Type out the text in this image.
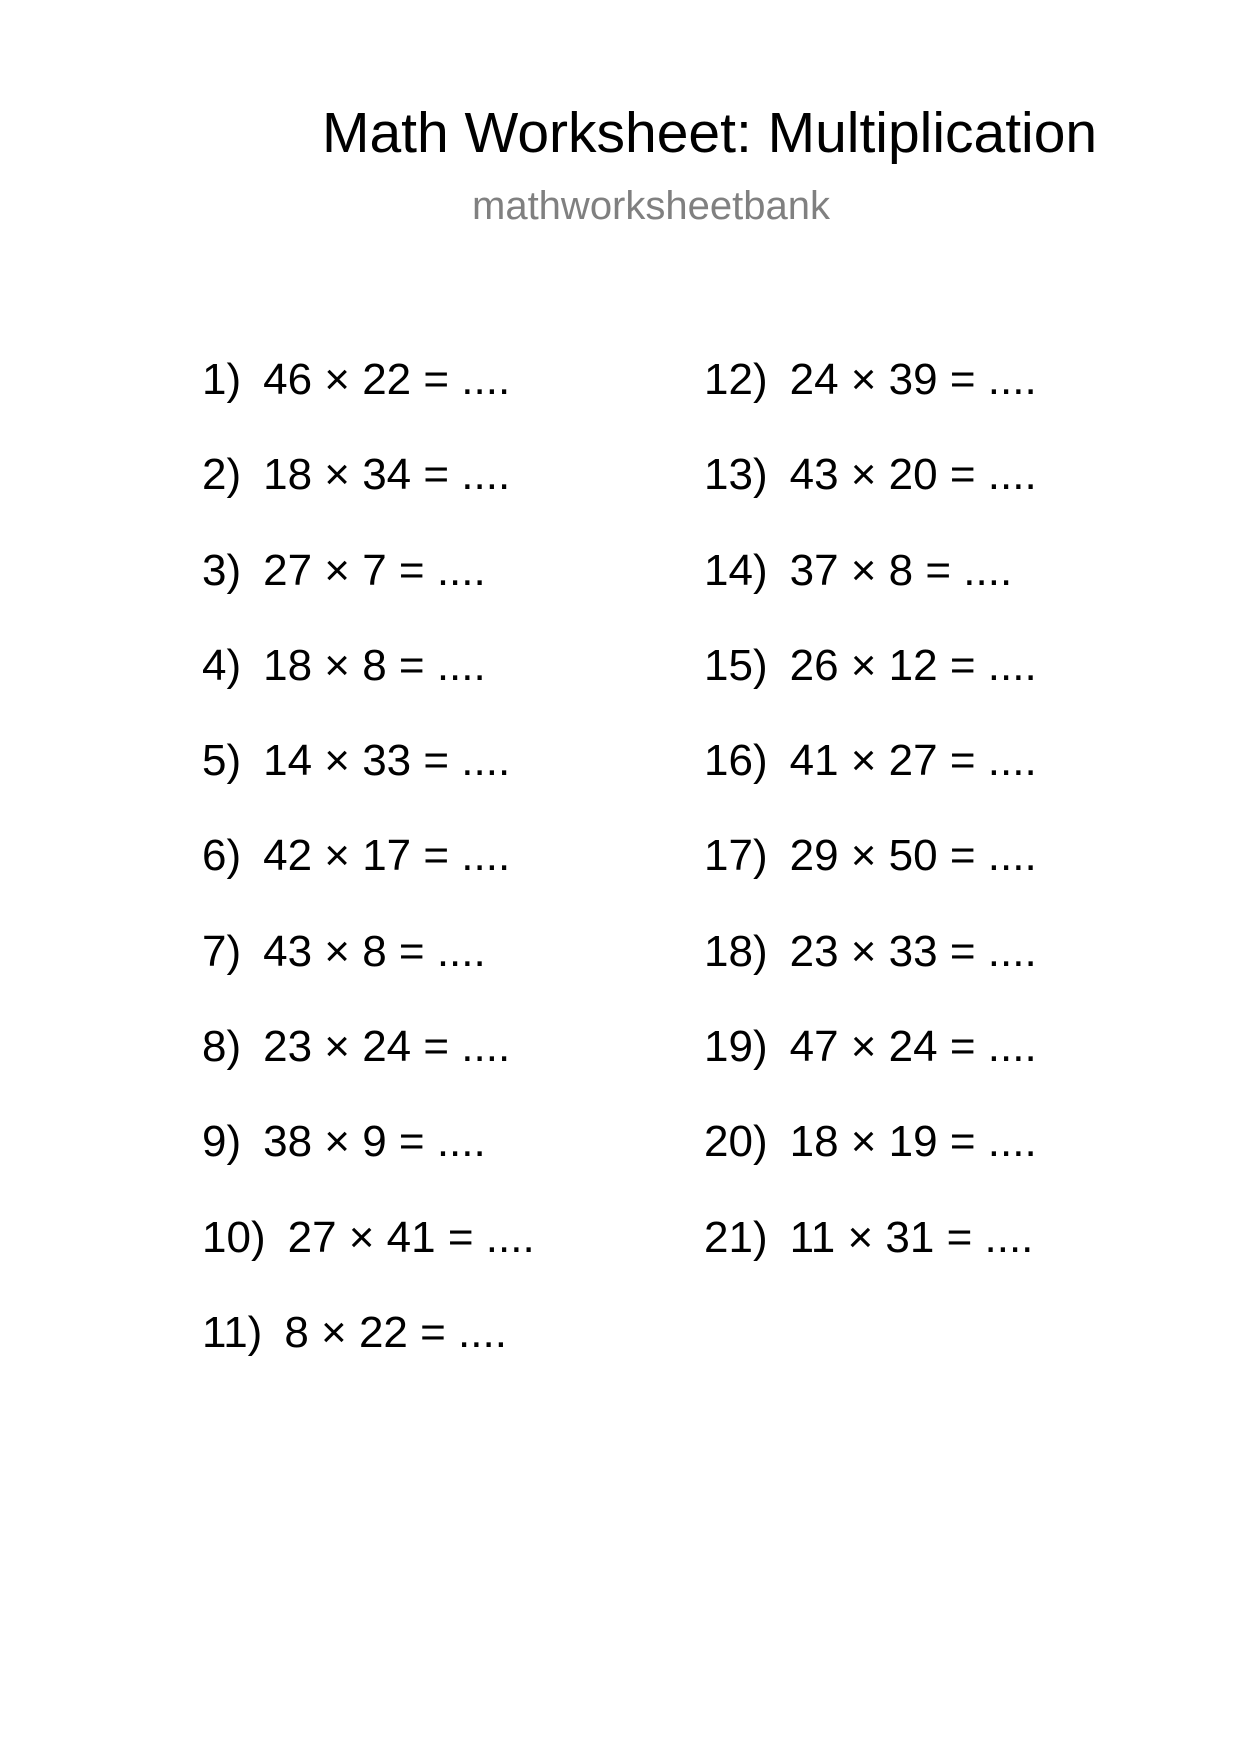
Math Worksheet: Multiplication
mathworksheetbank
1) 46 × 22 = ....
2) 18 × 34 = ....
3) 27 × 7 = ....
4) 18 × 8 = ....
5) 14 × 33 = ....
6) 42 × 17 = ....
7) 43 × 8 = ....
8) 23 × 24 = ....
9) 38 × 9 = ....
10) 27 × 41 = ....
11) 8 × 22 = ....
12) 24 × 39 = ....
13) 43 × 20 = ....
14) 37 × 8 = ....
15) 26 × 12 = ....
16) 41 × 27 = ....
17) 29 × 50 = ....
18) 23 × 33 = ....
19) 47 × 24 = ....
20) 18 × 19 = ....
21) 11 × 31 = ....
